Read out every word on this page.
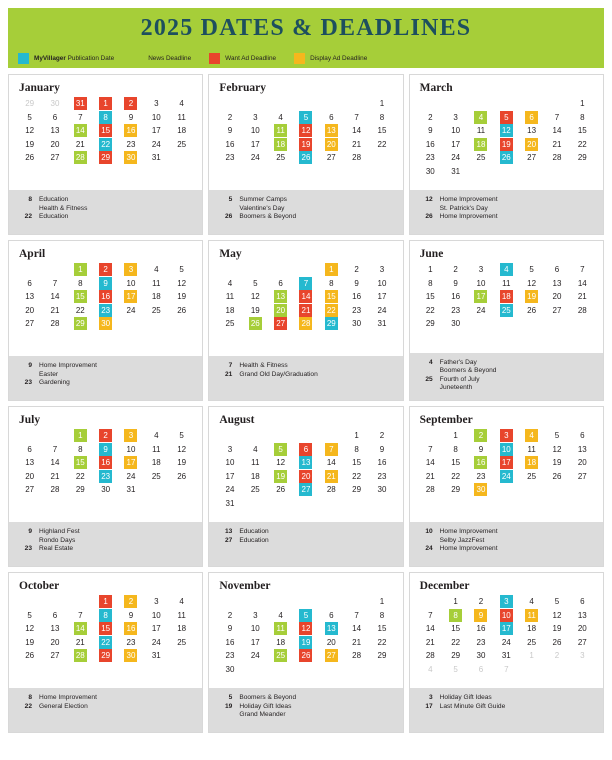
2025 DATES & DEADLINES
MyVillager Publication Date	News Deadline	Want Ad Deadline	Display Ad Deadline
January
29	30	31	1	2	3	4
5	6	7	8	9	10	11
12	13	14	15	16	17	18
19	20	21	22	23	24	25
26	27	28	29	30	31	
8	Education
Health & Fitness
22	Education
February
						1
2	3	4	5	6	7	8
9	10	11	12	13	14	15
16	17	18	19	20	21	22
23	24	25	26	27	28	
5	Summer Camps
Valentine's Day
26	Boomers & Beyond
March
						1
2	3	4	5	6	7	8
9	10	11	12	13	14	15
16	17	18	19	20	21	22
23	24	25	26	27	28	29
30	31					
12	Home Improvement
St. Patrick's Day
26	Home Improvement
April
		1	2	3	4	5
6	7	8	9	10	11	12
13	14	15	16	17	18	19
20	21	22	23	24	25	26
27	28	29	30			
9	Home Improvement
Easter
23	Gardening
May
				1	2	3
4	5	6	7	8	9	10
11	12	13	14	15	16	17
18	19	20	21	22	23	24
25	26	27	28	29	30	31
7	Health & Fitness
21	Grand Old Day/Graduation
June
1	2	3	4	5	6	7
8	9	10	11	12	13	14
15	16	17	18	19	20	21
22	23	24	25	26	27	28
29	30					
4	Father's Day
Boomers & Beyond
25	Fourth of July
Juneteenth
July
		1	2	3	4	5
6	7	8	9	10	11	12
13	14	15	16	17	18	19
20	21	22	23	24	25	26
27	28	29	30	31		
9	Highland Fest
Rondo Days
23	Real Estate
August
					1	2
3	4	5	6	7	8	9
10	11	12	13	14	15	16
17	18	19	20	21	22	23
24	25	26	27	28	29	30
31						
13	Education
27	Education
September
	1	2	3	4	5	6
7	8	9	10	11	12	13
14	15	16	17	18	19	20
21	22	23	24	25	26	27
28	29	30				
10	Home Improvement
Selby JazzFest
24	Home Improvement
October
			1	2	3	4
5	6	7	8	9	10	11
12	13	14	15	16	17	18
19	20	21	22	23	24	25
26	27	28	29	30	31	
8	Home Improvement
22	General Election
November
						1
2	3	4	5	6	7	8
9	10	11	12	13	14	15
16	17	18	19	20	21	22
23	24	25	26	27	28	29
30						
5	Boomers & Beyond
19	Holiday Gift Ideas
Grand Meander
December
	1	2	3	4	5	6
7	8	9	10	11	12	13
14	15	16	17	18	19	20
21	22	23	24	25	26	27
28	29	30	31	1	2	3
4	5	6	7			
3	Holiday Gift Ideas
17	Last Minute Gift Guide
